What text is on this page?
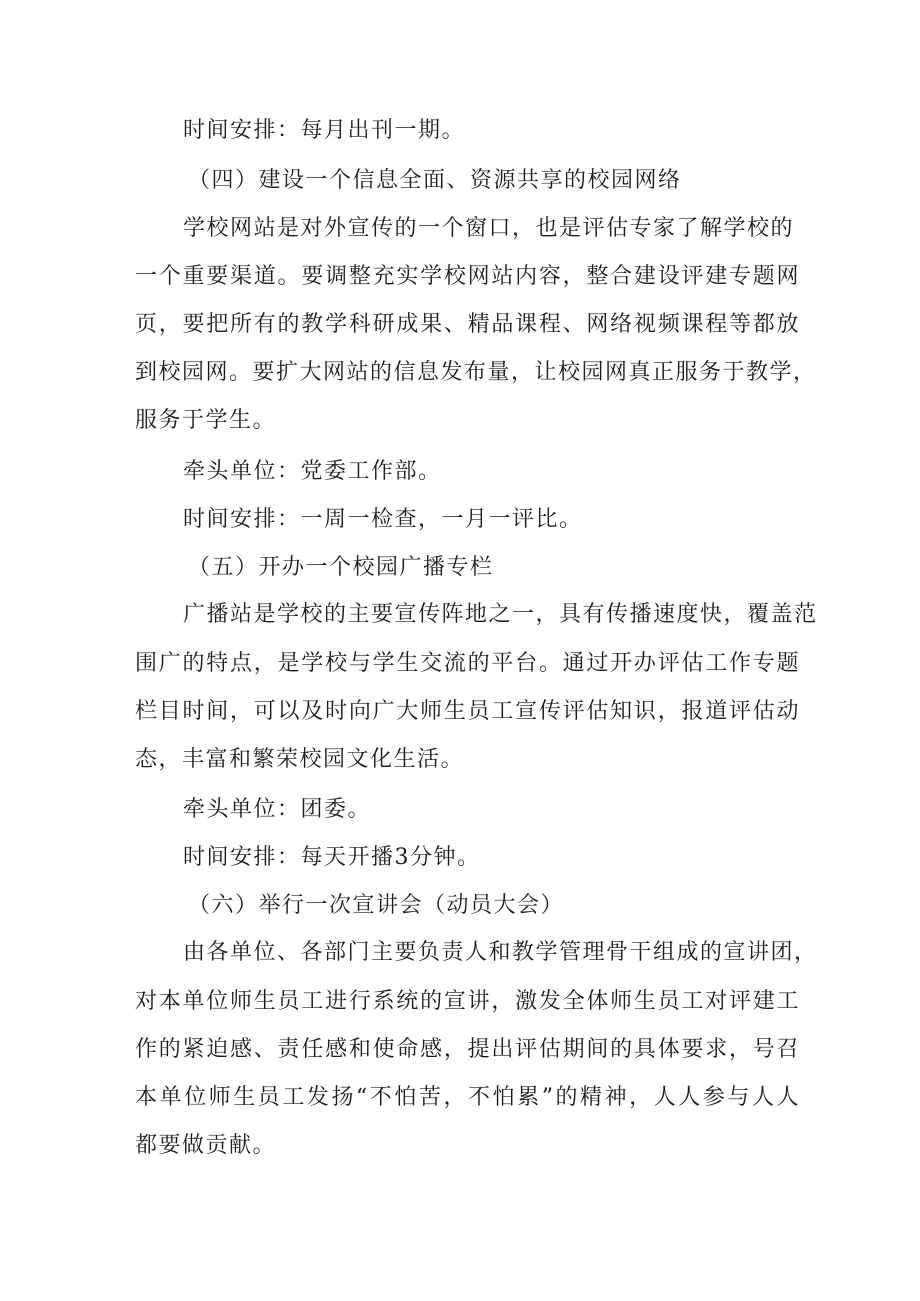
时间安排：每月出刊一期。
（四）建设一个信息全面、资源共享的校园网络
学校网站是对外宣传的一个窗口，也是评估专家了解学校的
一个重要渠道。要调整充实学校网站内容，整合建设评建专题网
页，要把所有的教学科研成果、精品课程、网络视频课程等都放
到校园网。要扩大网站的信息发布量，让校园网真正服务于教学，
服务于学生。
牵头单位：党委工作部。
时间安排：一周一检查，一月一评比。
（五）开办一个校园广播专栏
广播站是学校的主要宣传阵地之一，具有传播速度快，覆盖范
围广的特点，是学校与学生交流的平台。通过开办评估工作专题
栏目时间，可以及时向广大师生员工宣传评估知识，报道评估动
态，丰富和繁荣校园文化生活。
牵头单位：团委。
时间安排：每天开播3分钟。
（六）举行一次宣讲会（动员大会）
由各单位、各部门主要负责人和教学管理骨干组成的宣讲团，
对本单位师生员工进行系统的宣讲，激发全体师生员工对评建工
作的紧迫感、责任感和使命感，提出评估期间的具体要求，号召
本单位师生员工发扬“不怕苦，不怕累”的精神，人人参与人人
都要做贡献。
